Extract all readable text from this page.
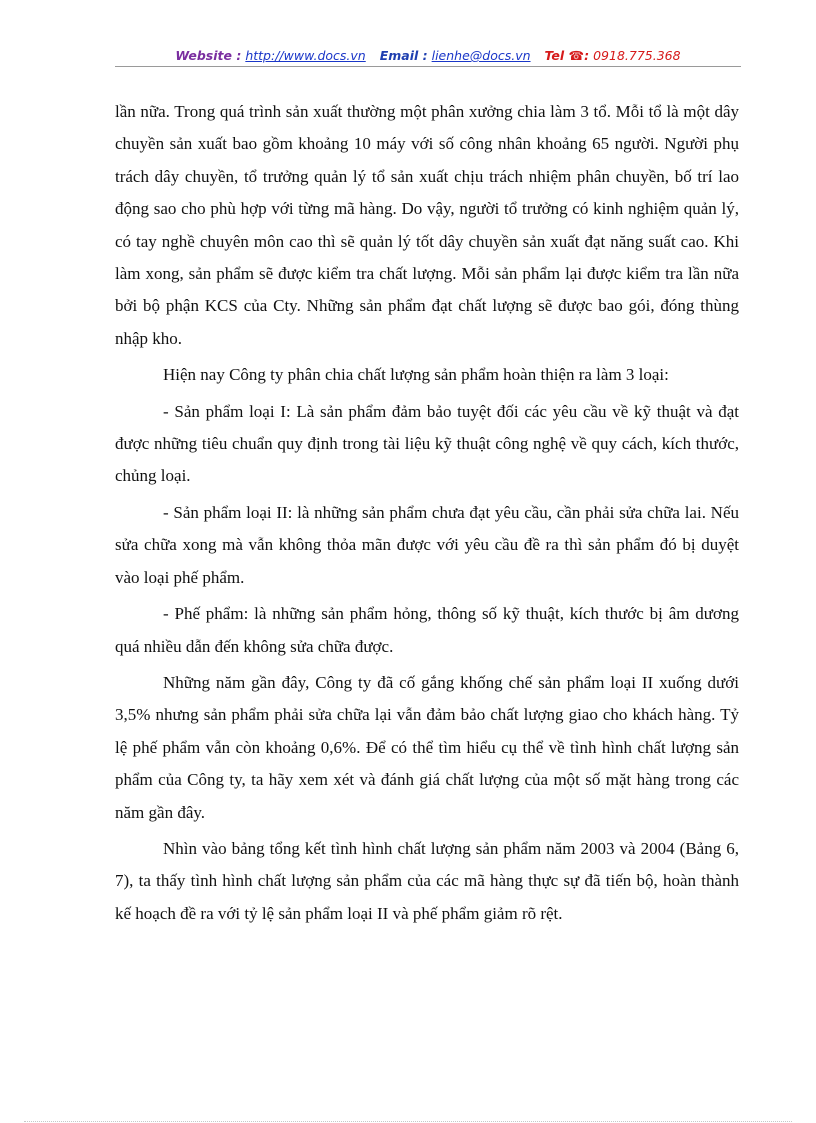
Website : http://www.docs.vn Email : lienhe@docs.vn Tel ☎: 0918.775.368

lần nữa. Trong quá trình sản xuất thường một phân xưởng chia làm 3 tổ. Mỗi tổ là một dây chuyền sản xuất bao gồm khoảng 10 máy với số công nhân khoảng 65 người. Người phụ trách dây chuyền, tổ trưởng quản lý tổ sản xuất chịu trách nhiệm phân chuyền, bố trí lao động sao cho phù hợp với từng mã hàng. Do vậy, người tổ trưởng có kinh nghiệm quản lý, có tay nghề chuyên môn cao thì sẽ quản lý tốt dây chuyền sản xuất đạt năng suất cao. Khi làm xong, sản phẩm sẽ được kiểm tra chất lượng. Mỗi sản phẩm lại được kiểm tra lần nữa bởi bộ phận KCS của Cty. Những sản phẩm đạt chất lượng sẽ được bao gói, đóng thùng nhập kho.

Hiện nay Công ty phân chia chất lượng sản phẩm hoàn thiện ra làm 3 loại:

- Sản phẩm loại I: Là sản phẩm đảm bảo tuyệt đối các yêu cầu về kỹ thuật và đạt được những tiêu chuẩn quy định trong tài liệu kỹ thuật công nghệ về quy cách, kích thước, chủng loại.

- Sản phẩm loại II: là những sản phẩm chưa đạt yêu cầu, cần phải sửa chữa lai. Nếu sửa chữa xong mà vẫn không thỏa mãn được với yêu cầu đề ra thì sản phẩm đó bị duyệt vào loại phế phẩm.

- Phế phẩm: là những sản phẩm hỏng, thông số kỹ thuật, kích thước bị âm dương quá nhiều dẫn đến không sửa chữa được.

Những năm gần đây, Công ty đã cố gắng khống chế sản phẩm loại II xuống dưới 3,5% nhưng sản phẩm phải sửa chữa lại vẫn đảm bảo chất lượng giao cho khách hàng. Tỷ lệ phế phẩm vẫn còn khoảng 0,6%. Để có thể tìm hiểu cụ thể về tình hình chất lượng sản phẩm của Công ty, ta hãy xem xét và đánh giá chất lượng của một số mặt hàng trong các năm gần đây.

Nhìn vào bảng tổng kết tình hình chất lượng sản phẩm năm 2003 và 2004 (Bảng 6, 7), ta thấy tình hình chất lượng sản phẩm của các mã hàng thực sự đã tiến bộ, hoàn thành kế hoạch đề ra với tỷ lệ sản phẩm loại II và phế phẩm giảm rõ rệt.
